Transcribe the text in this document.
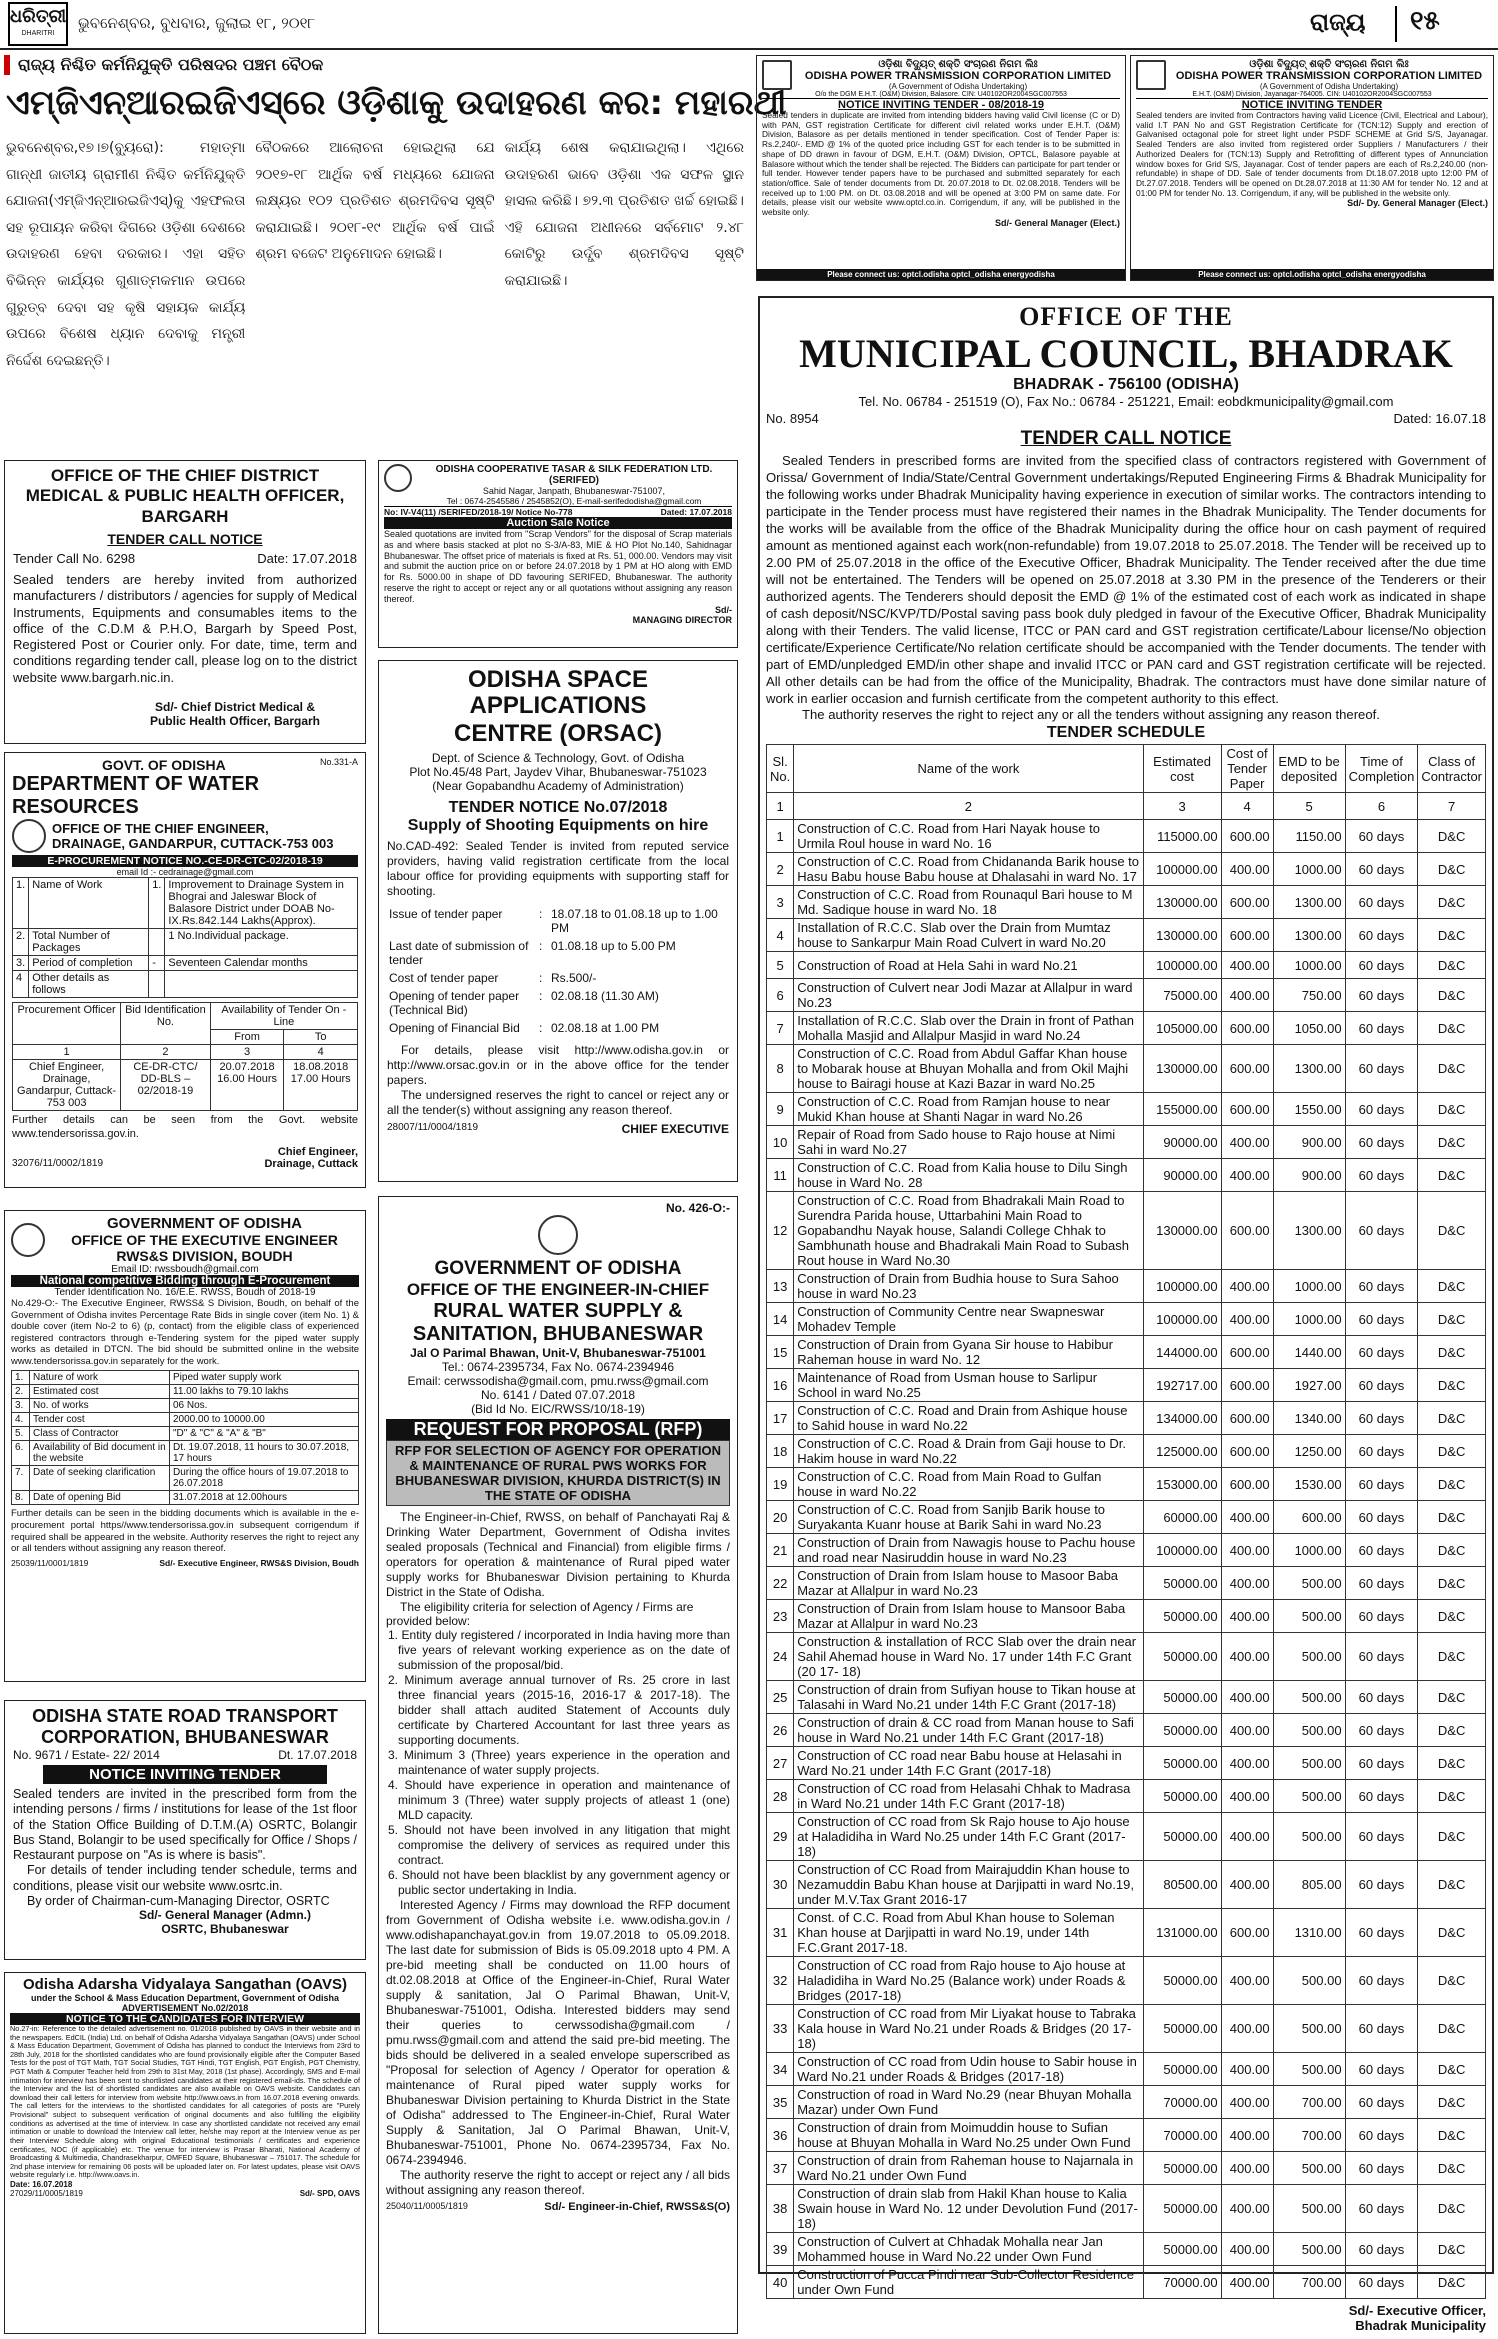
ଧରିତ୍ରୀ
DHARITRI
ଭୁବନେଶ୍ବର, ବୁଧବାର, ଜୁଲାଇ ୧୮, ୨୦୧୮	ରାଜ୍ୟ ୧୫
ରାଜ୍ୟ ନିଶ୍ଚିତ କର୍ମନିଯୁକ୍ତି ପରିଷଦର ପଞ୍ଚମ ବୈଠକ
ଏମ୍‌ଜିଏନ୍‌ଆରଇଜିଏସ୍‌ରେ ଓଡ଼ିଶାକୁ ଉଦାହରଣ କର: ମହାରଥୀ

ଭୁବନେଶ୍ବର,୧୭।୭(ବ୍ୟୁରୋ): ମହାତ୍ମା ଗାନ୍ଧୀ ଜାତୀୟ ଗ୍ରାମୀଣ ନିଶ୍ଚିତ କର୍ମନିଯୁକ୍ତି ଯୋଜନା(ଏମ୍‌ଜିଏନ୍‌ଆରଇଜିଏସ୍‌)କୁ ଏହଫଲତା ସହ ରୂପାୟନ କରିବା ଦିଗରେ ଓଡ଼ିଶା ଦେଶରେ ଉଦାହରଣ ହେବା ଦରକାର। ଏହା ସହିତ ବିଭିନ୍ନ କାର୍ଯ୍ୟର ଗୁଣାତ୍ମକମାନ ଉପରେ ଗୁରୁତ୍ବ ଦେବା ସହ କୃଷି ସହାୟକ କାର୍ଯ୍ୟ ଉପରେ ବିଶେଷ ଧ୍ୟାନ ଦେବାକୁ ମନ୍ତ୍ରୀ ନିର୍ଦ୍ଦେଶ ଦେଇଛନ୍ତି।

ବୈଠକରେ ଆଲୋଚନା ହୋଇଥିଲା ଯେ ୨୦୧୭-୧୮ ଆର୍ଥିକ ବର୍ଷ ମଧ୍ୟରେ ଯୋଜନା ଲକ୍ଷ୍ୟର ୧୦୨ ପ୍ରତିଶତ ଶ୍ରମଦିବସ ସୃଷ୍ଟି କରାଯାଇଛି। ୨୦୧୮-୧୯ ଆର୍ଥିକ ବର୍ଷ ପାଇଁ ଶ୍ରମ ବଜେଟ ଅନୁମୋଦନ ହୋଇଛି।

କାର୍ଯ୍ୟ ଶେଷ କରାଯାଇଥିଲା। ଏଥିରେ ଉଦାହରଣ ଭାବେ ଓଡ଼ିଶା ଏକ ସଫଳ ସ୍ଥାନ ହାସଲ କରିଛି। ୭୨.୩ ପ୍ରତିଶତ ଖର୍ଚ୍ଚ ହୋଇଛି। ଏହି ଯୋଜନା ଅଧୀନରେ ସର୍ବମୋଟ ୨.୪୮ କୋଟିରୁ ଉର୍ଦ୍ଧ୍ବ ଶ୍ରମଦିବସ ସୃଷ୍ଟି କରାଯାଇଛି।

ଓଡ଼ିଶା ବିଦ୍ୟୁତ୍ ଶକ୍ତି ସଂଚାରଣ ନିଗମ ଲିଃ
ODISHA POWER TRANSMISSION CORPORATION LIMITED
(A Government of Odisha Undertaking)
O/o the DGM E.H.T. (O&M) Division, Balasore. CIN: U40102OR2004SGC007553
NOTICE INVITING TENDER - 08/2018-19

Sealed tenders in duplicate are invited from intending bidders having valid Civil license (C or D) with PAN, GST registration Certificate for different civil related works under E.H.T. (O&M) Division, Balasore as per details mentioned in tender specification. Cost of Tender Paper is: Rs.2,240/-. EMD @ 1% of the quoted price including GST for each tender is to be submitted in shape of DD drawn in favour of DGM, E.H.T. (O&M) Division, OPTCL, Balasore payable at Balasore without which the tender shall be rejected. The Bidders can participate for part tender or full tender. However tender papers have to be purchased and submitted separately for each station/office. Sale of tender documents from Dt. 20.07.2018 to Dt. 02.08.2018. Tenders will be received up to 1:00 PM. on Dt. 03.08.2018 and will be opened at 3:00 PM on same date. For details, please visit our website www.optcl.co.in. Corrigendum, if any, will be published in the website only.

Sd/- General Manager (Elect.)
Please connect us: optcl.odisha optcl_odisha energyodisha
ଓଡ଼ିଶା ବିଦ୍ୟୁତ୍ ଶକ୍ତି ସଂଚାରଣ ନିଗମ ଲିଃ
ODISHA POWER TRANSMISSION CORPORATION LIMITED
(A Government of Odisha Undertaking)
E.H.T. (O&M) Division, Jayanagar-764005. CIN: U40102OR2004SGC007553
NOTICE INVITING TENDER

Sealed tenders are invited from Contractors having valid Licence (Civil, Electrical and Labour), valid I.T PAN No and GST Registration Certificate for (TCN:12) Supply and erection of Galvanised octagonal pole for street light under PSDF SCHEME at Grid S/S, Jayanagar. Sealed Tenders are also invited from registered order Suppliers / Manufacturers / their Authorized Dealers for (TCN:13) Supply and Retrofitting of different types of Annunciation window boxes for Grid S/S, Jayanagar. Cost of tender papers are each of Rs.2,240.00 (non-refundable) in shape of DD. Sale of tender documents from Dt.18.07.2018 upto 12:00 PM of Dt.27.07.2018. Tenders will be opened on Dt.28.07.2018 at 11:30 AM for tender No. 12 and at 01:00 PM for tender No. 13. Corrigendum, if any, will be published in the website only.

Sd/- Dy. General Manager (Elect.)
Please connect us: optcl.odisha optcl_odisha energyodisha
OFFICE OF THE
MUNICIPAL COUNCIL, BHADRAK
BHADRAK - 756100 (ODISHA)
Tel. No. 06784 - 251519 (O), Fax No.: 06784 - 251221, Email: eobdkmunicipality@gmail.com
No. 8954	Dated: 16.07.18
TENDER CALL NOTICE

Sealed Tenders in prescribed forms are invited from the specified class of contractors registered with Government of Orissa/ Government of India/State/Central Government undertakings/Reputed Engineering Firms & Bhadrak Municipality for the following works under Bhadrak Municipality having experience in execution of similar works. The contractors intending to participate in the Tender process must have registered their names in the Bhadrak Municipality. The Tender documents for the works will be available from the office of the Bhadrak Municipality during the office hour on cash payment of required amount as mentioned against each work(non-refundable) from 19.07.2018 to 25.07.2018. The Tender will be received up to 2.00 PM of 25.07.2018 in the office of the Executive Officer, Bhadrak Municipality. The Tender received after the due time will not be entertained. The Tenders will be opened on 25.07.2018 at 3.30 PM in the presence of the Tenderers or their authorized agents. The Tenderers should deposit the EMD @ 1% of the estimated cost of each work as indicated in shape of cash deposit/NSC/KVP/TD/Postal saving pass book duly pledged in favour of the Executive Officer, Bhadrak Municipality along with their Tenders. The valid license, ITCC or PAN card and GST registration certificate/Labour license/No objection certificate/Experience Certificate/No relation certificate should be accompanied with the Tender documents. The tender with part of EMD/unpledged EMD/in other shape and invalid ITCC or PAN card and GST registration certificate will be rejected. All other details can be had from the office of the Municipality, Bhadrak. The contractors must have done similar nature of work in earlier occasion and furnish certificate from the competent authority to this effect.

The authority reserves the right to reject any or all the tenders without assigning any reason thereof.

TENDER SCHEDULE
Sl. No.	Name of the work	Estimated cost	Cost of Tender Paper	EMD to be deposited	Time of Completion	Class of Contractor
1	2	3	4	5	6	7
1	Construction of C.C. Road from Hari Nayak house to Urmila Roul house in ward No. 16	115000.00	600.00	1150.00	60 days	D&C
2	Construction of C.C. Road from Chidananda Barik house to Hasu Babu house Babu house at Dhalasahi in ward No. 17	100000.00	400.00	1000.00	60 days	D&C
3	Construction of C.C. Road from Rounaqul Bari house to M Md. Sadique house in ward No. 18	130000.00	600.00	1300.00	60 days	D&C
4	Installation of R.C.C. Slab over the Drain from Mumtaz house to Sankarpur Main Road Culvert in ward No.20	130000.00	600.00	1300.00	60 days	D&C
5	Construction of Road at Hela Sahi in ward No.21	100000.00	400.00	1000.00	60 days	D&C
6	Construction of Culvert near Jodi Mazar at Allalpur in ward No.23	75000.00	400.00	750.00	60 days	D&C
7	Installation of R.C.C. Slab over the Drain in front of Pathan Mohalla Masjid and Allalpur Masjid in ward No.24	105000.00	600.00	1050.00	60 days	D&C
8	Construction of C.C. Road from Abdul Gaffar Khan house to Mobarak house at Bhuyan Mohalla and from Okil Majhi house to Bairagi house at Kazi Bazar in ward No.25	130000.00	600.00	1300.00	60 days	D&C
9	Construction of C.C. Road from Ramjan house to near Mukid Khan house at Shanti Nagar in ward No.26	155000.00	600.00	1550.00	60 days	D&C
10	Repair of Road from Sado house to Rajo house at Nimi Sahi in ward No.27	90000.00	400.00	900.00	60 days	D&C
11	Construction of C.C. Road from Kalia house to Dilu Singh house in Ward No. 28	90000.00	400.00	900.00	60 days	D&C
12	Construction of C.C. Road from Bhadrakali Main Road to Surendra Parida house, Uttarbahini Main Road to Gopabandhu Nayak house, Salandi College Chhak to Sambhunath house and Bhadrakali Main Road to Subash Rout house in Ward No.30	130000.00	600.00	1300.00	60 days	D&C
13	Construction of Drain from Budhia house to Sura Sahoo house in ward No.23	100000.00	400.00	1000.00	60 days	D&C
14	Construction of Community Centre near Swapneswar Mohadev Temple	100000.00	400.00	1000.00	60 days	D&C
15	Construction of Drain from Gyana Sir house to Habibur Raheman house in ward No. 12	144000.00	600.00	1440.00	60 days	D&C
16	Maintenance of Road from Usman house to Sarlipur School in ward No.25	192717.00	600.00	1927.00	60 days	D&C
17	Construction of C.C. Road and Drain from Ashique house to Sahid house in ward No.22	134000.00	600.00	1340.00	60 days	D&C
18	Construction of C.C. Road & Drain from Gaji house to Dr. Hakim house in ward No.22	125000.00	600.00	1250.00	60 days	D&C
19	Construction of C.C. Road from Main Road to Gulfan house in ward No.22	153000.00	600.00	1530.00	60 days	D&C
20	Construction of C.C. Road from Sanjib Barik house to Suryakanta Kuanr house at Barik Sahi in ward No.23	60000.00	400.00	600.00	60 days	D&C
21	Construction of Drain from Nawagis house to Pachu house and road near Nasiruddin house in ward No.23	100000.00	400.00	1000.00	60 days	D&C
22	Construction of Drain from Islam house to Masoor Baba Mazar at Allalpur in ward No.23	50000.00	400.00	500.00	60 days	D&C
23	Construction of Drain from Islam house to Mansoor Baba Mazar at Allalpur in ward No.23	50000.00	400.00	500.00	60 days	D&C
24	Construction & installation of RCC Slab over the drain near Sahil Ahemad house in Ward No. 17 under 14th F.C Grant (20 17- 18)	50000.00	400.00	500.00	60 days	D&C
25	Construction of drain from Sufiyan house to Tikan house at Talasahi in Ward No.21 under 14th F.C Grant (2017-18)	50000.00	400.00	500.00	60 days	D&C
26	Construction of drain & CC road from Manan house to Safi house in Ward No.21 under 14th F.C Grant (2017-18)	50000.00	400.00	500.00	60 days	D&C
27	Construction of CC road near Babu house at Helasahi in Ward No.21 under 14th F.C Grant (2017-18)	50000.00	400.00	500.00	60 days	D&C
28	Construction of CC road from Helasahi Chhak to Madrasa in Ward No.21 under 14th F.C Grant (2017-18)	50000.00	400.00	500.00	60 days	D&C
29	Construction of CC road from Sk Rajo house to Ajo house at Haladidiha in Ward No.25 under 14th F.C Grant (2017-18)	50000.00	400.00	500.00	60 days	D&C
30	Construction of CC Road from Mairajuddin Khan house to Nezamuddin Babu Khan house at Darjipatti in ward No.19, under M.V.Tax Grant 2016-17	80500.00	400.00	805.00	60 days	D&C
31	Const. of C.C. Road from Abul Khan house to Soleman Khan house at Darjipatti in ward No.19, under 14th F.C.Grant 2017-18.	131000.00	600.00	1310.00	60 days	D&C
32	Construction of CC road from Rajo house to Ajo house at Haladidiha in Ward No.25 (Balance work) under Roads & Bridges (2017-18)	50000.00	400.00	500.00	60 days	D&C
33	Construction of CC road from Mir Liyakat house to Tabraka Kala house in Ward No.21 under Roads & Bridges (20 17- 18)	50000.00	400.00	500.00	60 days	D&C
34	Construction of CC road from Udin house to Sabir house in Ward No.21 under Roads & Bridges (2017-18)	50000.00	400.00	500.00	60 days	D&C
35	Construction of road in Ward No.29 (near Bhuyan Mohalla Mazar) under Own Fund	70000.00	400.00	700.00	60 days	D&C
36	Construction of drain from Moimuddin house to Sufian house at Bhuyan Mohalla in Ward No.25 under Own Fund	70000.00	400.00	700.00	60 days	D&C
37	Construction of drain from Raheman house to Najarnala in Ward No.21 under Own Fund	50000.00	400.00	500.00	60 days	D&C
38	Construction of drain slab from Hakil Khan house to Kalia Swain house in Ward No. 12 under Devolution Fund (2017-18)	50000.00	400.00	500.00	60 days	D&C
39	Construction of Culvert at Chhadak Mohalla near Jan Mohammed house in Ward No.22 under Own Fund	50000.00	400.00	500.00	60 days	D&C
40	Construction of Pucca Pindi near Sub-Collector Residence under Own Fund	70000.00	400.00	700.00	60 days	D&C
Sd/- Executive Officer,
Bhadrak Municipality
OFFICE OF THE CHIEF DISTRICT MEDICAL & PUBLIC HEALTH OFFICER, BARGARH
TENDER CALL NOTICE
Tender Call No. 6298	Date: 17.07.2018

Sealed tenders are hereby invited from authorized manufacturers / distributors / agencies for supply of Medical Instruments, Equipments and consumables items to the office of the C.D.M & P.H.O, Bargarh by Speed Post, Registered Post or Courier only. For date, time, term and conditions regarding tender call, please log on to the district website www.bargarh.nic.in.

Sd/- Chief District Medical &
Public Health Officer, Bargarh
ODISHA COOPERATIVE TASAR & SILK FEDERATION LTD. (SERIFED)
Sahid Nagar, Janpath, Bhubaneswar-751007,
Tel : 0674-2545586 / 2545852(O), E-mail-serifedodisha@gmail.com
No: IV-V4(11) /SERIFED/2018-19/ Notice No-778	Dated: 17.07.2018
Auction Sale Notice

Sealed quotations are invited from "Scrap Vendors" for the disposal of Scrap materials as and where basis stacked at plot no S-3/A-83, MIE & HO Plot No.140, Sahidnagar Bhubaneswar. The offset price of materials is fixed at Rs. 51, 000.00. Vendors may visit and submit the auction price on or before 24.07.2018 by 1 PM at HO along with EMD for Rs. 5000.00 in shape of DD favouring SERIFED, Bhubaneswar. The authority reserve the right to accept or reject any or all quotations without assigning any reason thereof.

Sd/-
MANAGING DIRECTOR
ODISHA SPACE APPLICATIONS
CENTRE (ORSAC)
Dept. of Science & Technology, Govt. of Odisha
Plot No.45/48 Part, Jaydev Vihar, Bhubaneswar-751023
(Near Gopabandhu Academy of Administration)
TENDER NOTICE No.07/2018
Supply of Shooting Equipments on hire

No.CAD-492: Sealed Tender is invited from reputed service providers, having valid registration certificate from the local labour office for providing equipments with supporting staff for shooting.

Issue of tender paper	:	18.07.18 to 01.08.18 up to 1.00 PM
Last date of submission of tender	:	01.08.18 up to 5.00 PM
Cost of tender paper	:	Rs.500/-
Opening of tender paper (Technical Bid)	:	02.08.18 (11.30 AM)
Opening of Financial Bid	:	02.08.18 at 1.00 PM

For details, please visit http://www.odisha.gov.in or http://www.orsac.gov.in or in the above office for the tender papers.

The undersigned reserves the right to cancel or reject any or all the tender(s) without assigning any reason thereof.

28007/11/0004/1819	CHIEF EXECUTIVE
GOVT. OF ODISHA	No.331-A
DEPARTMENT OF WATER RESOURCES
OFFICE OF THE CHIEF ENGINEER,
DRAINAGE, GANDARPUR, CUTTACK-753 003
E-PROCUREMENT NOTICE NO.-CE-DR-CTC-02/2018-19
email Id :- cedrainage@gmail.com
1.	Name of Work	1.	Improvement to Drainage System in Bhograi and Jaleswar Block of Balasore District under DOAB No- IX.Rs.842.144 Lakhs(Approx).
2.	Total Number of Packages		1 No.Individual package.
3.	Period of completion	-	Seventeen Calendar months
4	Other details as follows		
Procurement Officer	Bid Identification No.	Availability of Tender On - Line	
		From	To
1	2	3	4
Chief Engineer, Drainage, Gandarpur, Cuttack- 753 003	CE-DR-CTC/ DD-BLS – 02/2018-19	20.07.2018 16.00 Hours	18.08.2018 17.00 Hours

Further details can be seen from the Govt. website www.tendersorissa.gov.in.

Chief Engineer,
32076/11/0002/1819	Drainage, Cuttack
GOVERNMENT OF ODISHA
OFFICE OF THE EXECUTIVE ENGINEER
RWS&S DIVISION, BOUDH
Email ID: rwssboudh@gmail.com
National competitive Bidding through E-Procurement
Tender Identification No. 16/E.E. RWSS, Boudh of 2018-19

No.429-O:- The Executive Engineer, RWSS& S Division, Boudh, on behalf of the Government of Odisha invites Percentage Rate Bids in single cover (item No. 1) & double cover (item No-2 to 6) (p, contact) from the eligible class of experienced registered contractors through e-Tendering system for the piped water supply works as detailed in DTCN. The bid should be submitted online in the website www.tendersorissa.gov.in separately for the work.

1.	Nature of work	Piped water supply work
2.	Estimated cost	11.00 lakhs to 79.10 lakhs
3.	No. of works	06 Nos.
4.	Tender cost	2000.00 to 10000.00
5.	Class of Contractor	"D" & "C" & "A" & "B"
6.	Availability of Bid document in the website	Dt. 19.07.2018, 11 hours to 30.07.2018, 17 hours
7.	Date of seeking clarification	During the office hours of 19.07.2018 to 26.07.2018
8.	Date of opening Bid	31.07.2018 at 12.00hours

Further details can be seen in the bidding documents which is available in the e-procurement portal https//www.tendersorissa.gov.in subsequent corrigendum if required shall be appeared in the website. Authority reserves the right to reject any or all tenders without assigning any reason thereof.

25039/11/0001/1819	Sd/- Executive Engineer, RWS&S Division, Boudh
ODISHA STATE ROAD TRANSPORT
CORPORATION, BHUBANESWAR
No. 9671 / Estate- 22/ 2014	Dt. 17.07.2018
NOTICE INVITING TENDER

Sealed tenders are invited in the prescribed form from the intending persons / firms / institutions for lease of the 1st floor of the Station Office Building of D.T.M.(A) OSRTC, Bolangir Bus Stand, Bolangir to be used specifically for Office / Shops / Restaurant purpose on "As is where is basis".

For details of tender including tender schedule, terms and conditions, please visit our website www.osrtc.in.

By order of Chairman-cum-Managing Director, OSRTC

Sd/- General Manager (Admn.)
OSRTC, Bhubaneswar
Odisha Adarsha Vidyalaya Sangathan (OAVS)
under the School & Mass Education Department, Government of Odisha
ADVERTISEMENT No.02/2018
NOTICE TO THE CANDIDATES FOR INTERVIEW

No.27-in: Reference to the detailed advertisement no. 01/2018 published by OAVS in their website and in the newspapers. EdCIL (India) Ltd. on behalf of Odisha Adarsha Vidyalaya Sangathan (OAVS) under School & Mass Education Department, Government of Odisha has planned to conduct the Interviews from 23rd to 28th July, 2018 for the shortlisted candidates who are found provisionally eligible after the Computer Based Tests for the post of TGT Math, TGT Social Studies, TGT Hindi, TGT English, PGT English, PGT Chemistry, PGT Math & Computer Teacher held from 29th to 31st May, 2018 (1st phase). Accordingly, SMS and E-mail intimation for interview has been sent to shortlisted candidates at their registered email-ids. The schedule of the Interview and the list of shortlisted candidates are also available on OAVS website. Candidates can download their call letters for interview from website http://www.oavs.in from 16.07.2018 evening onwards. The call letters for the interviews to the shortlisted candidates for all categories of posts are "Purely Provisional" subject to subsequent verification of original documents and also fulfilling the eligibility conditions as advertised at the time of interview. In case any shortlisted candidate not received any email intimation or unable to download the Interview call letter, he/she may report at the Interview venue as per their Interview Schedule along with original Educational testimonials / certificates and experience certificates, NOC (if applicable) etc. The venue for interview is Prasar Bharati, National Academy of Broadcasting & Multimedia, Chandrasekharpur, OMFED Square, Bhubaneswar – 751017. The schedule for 2nd phase interview for remaining 06 posts will be uploaded later on. For latest updates, please visit OAVS website regularly i.e. http://www.oavs.in.

Date: 16.07.2018
27029/11/0005/1819	Sd/- SPD, OAVS
No. 426-O:-
GOVERNMENT OF ODISHA
OFFICE OF THE ENGINEER-IN-CHIEF
RURAL WATER SUPPLY &
SANITATION, BHUBANESWAR
Jal O Parimal Bhawan, Unit-V, Bhubaneswar-751001
Tel.: 0674-2395734, Fax No. 0674-2394946
Email: cerwssodisha@gmail.com, pmu.rwss@gmail.com
No. 6141 / Dated 07.07.2018
(Bid Id No. EIC/RWSS/10/18-19)
REQUEST FOR PROPOSAL (RFP)
RFP FOR SELECTION OF AGENCY FOR OPERATION & MAINTENANCE OF RURAL PWS WORKS FOR BHUBANESWAR DIVISION, KHURDA DISTRICT(S) IN THE STATE OF ODISHA

The Engineer-in-Chief, RWSS, on behalf of Panchayati Raj & Drinking Water Department, Government of Odisha invites sealed proposals (Technical and Financial) from eligible firms / operators for operation & maintenance of Rural piped water supply works for Bhubaneswar Division pertaining to Khurda District in the State of Odisha.

The eligibility criteria for selection of Agency / Firms are provided below:

1. Entity duly registered / incorporated in India having more than five years of relevant working experience as on the date of submission of the proposal/bid.

2. Minimum average annual turnover of Rs. 25 crore in last three financial years (2015-16, 2016-17 & 2017-18). The bidder shall attach audited Statement of Accounts duly certificate by Chartered Accountant for last three years as supporting documents.

3. Minimum 3 (Three) years experience in the operation and maintenance of water supply projects.

4. Should have experience in operation and maintenance of minimum 3 (Three) water supply projects of atleast 1 (one) MLD capacity.

5. Should not have been involved in any litigation that might compromise the delivery of services as required under this contract.

6. Should not have been blacklist by any government agency or public sector undertaking in India.

Interested Agency / Firms may download the RFP document from Government of Odisha website i.e. www.odisha.gov.in / www.odishapanchayat.gov.in from 19.07.2018 to 05.09.2018. The last date for submission of Bids is 05.09.2018 upto 4 PM. A pre-bid meeting shall be conducted on 11.00 hours of dt.02.08.2018 at Office of the Engineer-in-Chief, Rural Water supply & sanitation, Jal O Parimal Bhawan, Unit-V, Bhubaneswar-751001, Odisha. Interested bidders may send their queries to cerwssodisha@gmail.com / pmu.rwss@gmail.com and attend the said pre-bid meeting. The bids should be delivered in a sealed envelope superscribed as "Proposal for selection of Agency / Operator for operation & maintenance of Rural piped water supply works for Bhubaneswar Division pertaining to Khurda District in the State of Odisha" addressed to The Engineer-in-Chief, Rural Water Supply & Sanitation, Jal O Parimal Bhawan, Unit-V, Bhubaneswar-751001, Phone No. 0674-2395734, Fax No. 0674-2394946.

The authority reserve the right to accept or reject any / all bids without assigning any reason thereof.

25040/11/0005/1819	Sd/- Engineer-in-Chief, RWSS&S(O)
